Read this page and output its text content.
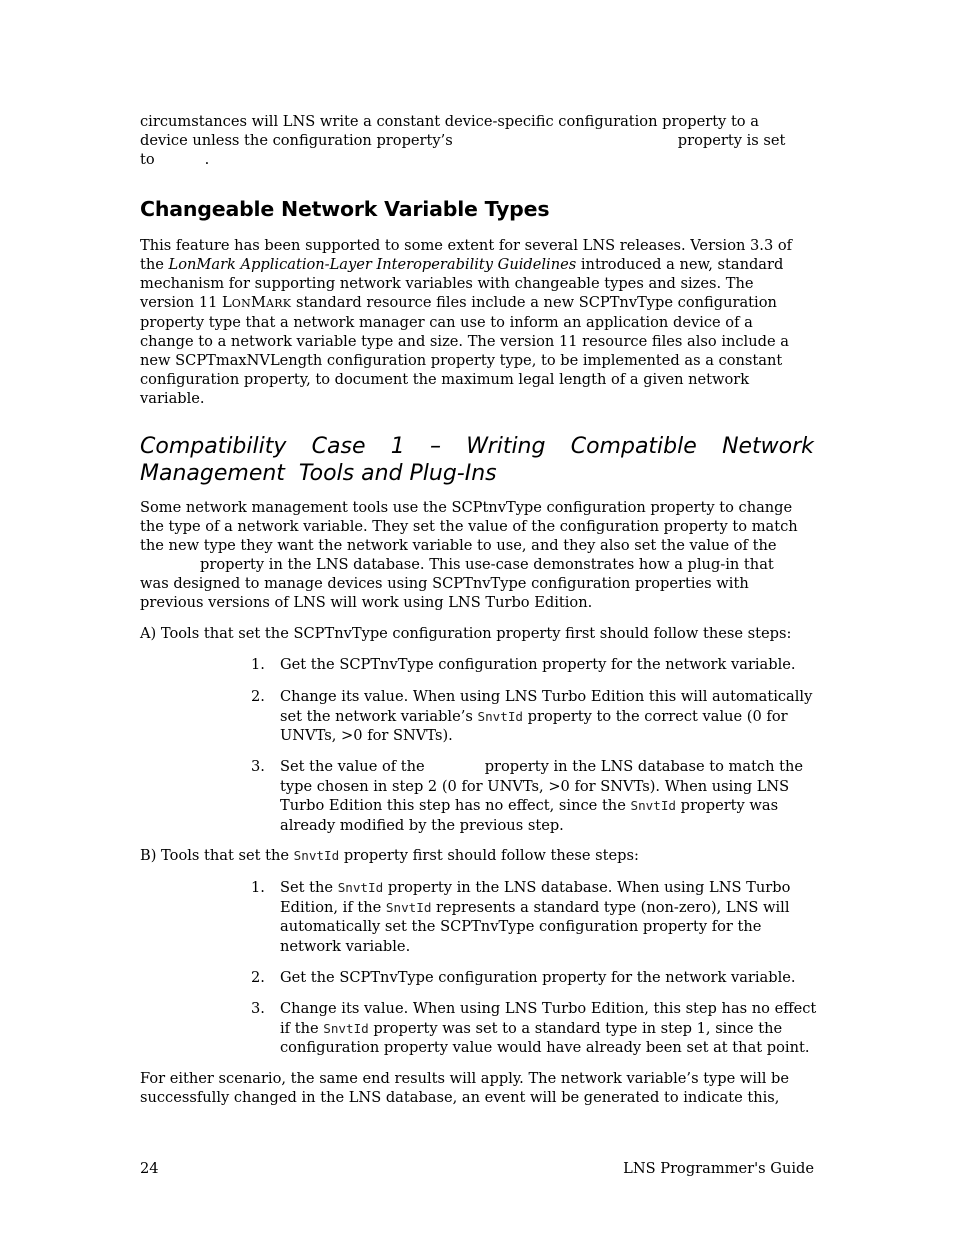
circumstances will LNS write a constant device-specific configuration property to a
device unless the configuration property’s	property is set
to	.
Changeable Network Variable Types
This feature has been supported to some extent for several LNS releases. Version 3.3 of
the LonMark Application-Layer Interoperability Guidelines introduced a new, standard
mechanism for supporting network variables with changeable types and sizes. The
version 11 LONMARK standard resource files include a new SCPTnvType configuration
property type that a network manager can use to inform an application device of a
change to a network variable type and size. The version 11 resource files also include a
new SCPTmaxNVLength configuration property type, to be implemented as a constant
configuration property, to document the maximum legal length of a given network
variable.
Compatibility Case 1 – Writing Compatible Network
Management  Tools and Plug-Ins
Some network management tools use the SCPtnvType configuration property to change
the type of a network variable. They set the value of the configuration property to match
the new type they want the network variable to use, and they also set the value of the
property in the LNS database. This use-case demonstrates how a plug-in that
was designed to manage devices using SCPTnvType configuration properties with
previous versions of LNS will work using LNS Turbo Edition.
A) Tools that set the SCPTnvType configuration property first should follow these steps:
1. Get the SCPTnvType configuration property for the network variable.
2. Change its value. When using LNS Turbo Edition this will automatically
set the network variable’s SnvtId property to the correct value (0 for
UNVTs, >0 for SNVTs).
3. Set the value of the	property in the LNS database to match the
type chosen in step 2 (0 for UNVTs, >0 for SNVTs). When using LNS
Turbo Edition this step has no effect, since the SnvtId property was
already modified by the previous step.
B) Tools that set the SnvtId property first should follow these steps:
1. Set the SnvtId property in the LNS database. When using LNS Turbo
Edition, if the SnvtId represents a standard type (non-zero), LNS will
automatically set the SCPTnvType configuration property for the
network variable.
2. Get the SCPTnvType configuration property for the network variable.
3. Change its value. When using LNS Turbo Edition, this step has no effect
if the SnvtId property was set to a standard type in step 1, since the
configuration property value would have already been set at that point.
For either scenario, the same end results will apply. The network variable’s type will be
successfully changed in the LNS database, an event will be generated to indicate this,
24	LNS Programmer's Guide
